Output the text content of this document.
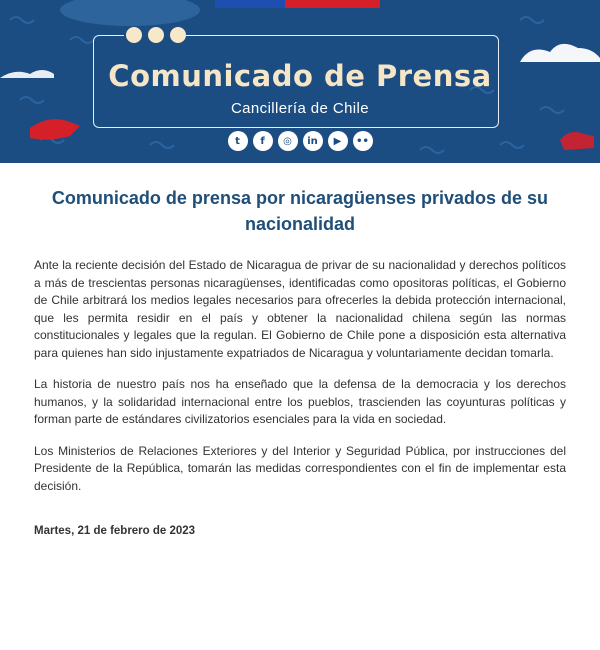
Comunicado de Prensa
Cancillería de Chile
t	f	◎	in	▶	••
Comunicado de prensa por nicaragüenses privados de su nacionalidad

Ante la reciente decisión del Estado de Nicaragua de privar de su nacionalidad y derechos políticos a más de trescientas personas nicaragüenses, identificadas como opositoras políticas, el Gobierno de Chile arbitrará los medios legales necesarios para ofrecerles la debida protección internacional, que les permita residir en el país y obtener la nacionalidad chilena según las normas constitucionales y legales que la regulan. El Gobierno de Chile pone a disposición esta alternativa para quienes han sido injustamente expatriados de Nicaragua y voluntariamente decidan tomarla.

La historia de nuestro país nos ha enseñado que la defensa de la democracia y los derechos humanos, y la solidaridad internacional entre los pueblos, trascienden las coyunturas políticas y forman parte de estándares civilizatorios esenciales para la vida en sociedad.

Los Ministerios de Relaciones Exteriores y del Interior y Seguridad Pública, por instrucciones del Presidente de la República, tomarán las medidas correspondientes con el fin de implementar esta decisión.

Martes, 21 de febrero de 2023
